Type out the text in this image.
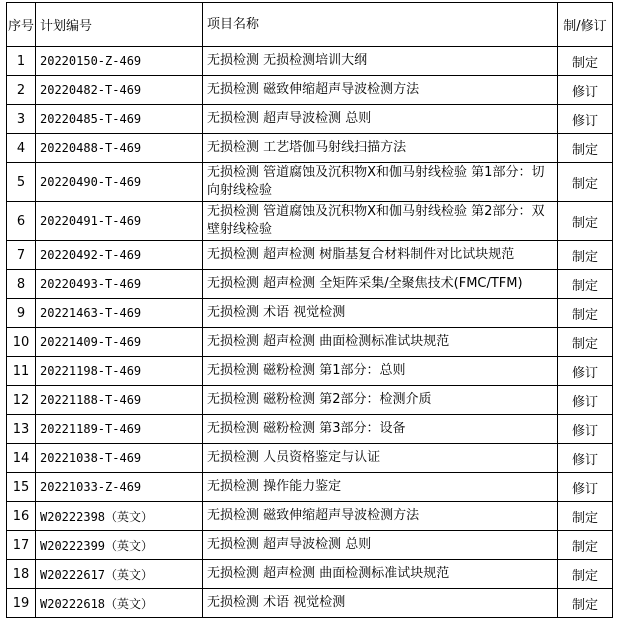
序号	计划编号	项目名称	制/修订
1	20220150-Z-469	无损检测 无损检测培训大纲	制定
2	20220482-T-469	无损检测 磁致伸缩超声导波检测方法	修订
3	20220485-T-469	无损检测 超声导波检测 总则	修订
4	20220488-T-469	无损检测 工艺塔伽马射线扫描方法	制定
5	20220490-T-469	无损检测 管道腐蚀及沉积物X和伽马射线检验 第1部分：切向射线检验	制定
6	20220491-T-469	无损检测 管道腐蚀及沉积物X和伽马射线检验 第2部分：双壁射线检验	制定
7	20220492-T-469	无损检测 超声检测 树脂基复合材料制件对比试块规范	制定
8	20220493-T-469	无损检测 超声检测 全矩阵采集/全聚焦技术(FMC/TFM)	制定
9	20221463-T-469	无损检测 术语 视觉检测	制定
10	20221409-T-469	无损检测 超声检测 曲面检测标准试块规范	制定
11	20221198-T-469	无损检测 磁粉检测 第1部分：总则	修订
12	20221188-T-469	无损检测 磁粉检测 第2部分：检测介质	修订
13	20221189-T-469	无损检测 磁粉检测 第3部分：设备	修订
14	20221038-T-469	无损检测 人员资格鉴定与认证	修订
15	20221033-Z-469	无损检测 操作能力鉴定	修订
16	W20222398（英文）	无损检测 磁致伸缩超声导波检测方法	制定
17	W20222399（英文）	无损检测 超声导波检测 总则	制定
18	W20222617（英文）	无损检测 超声检测 曲面检测标准试块规范	制定
19	W20222618（英文）	无损检测 术语 视觉检测	制定
